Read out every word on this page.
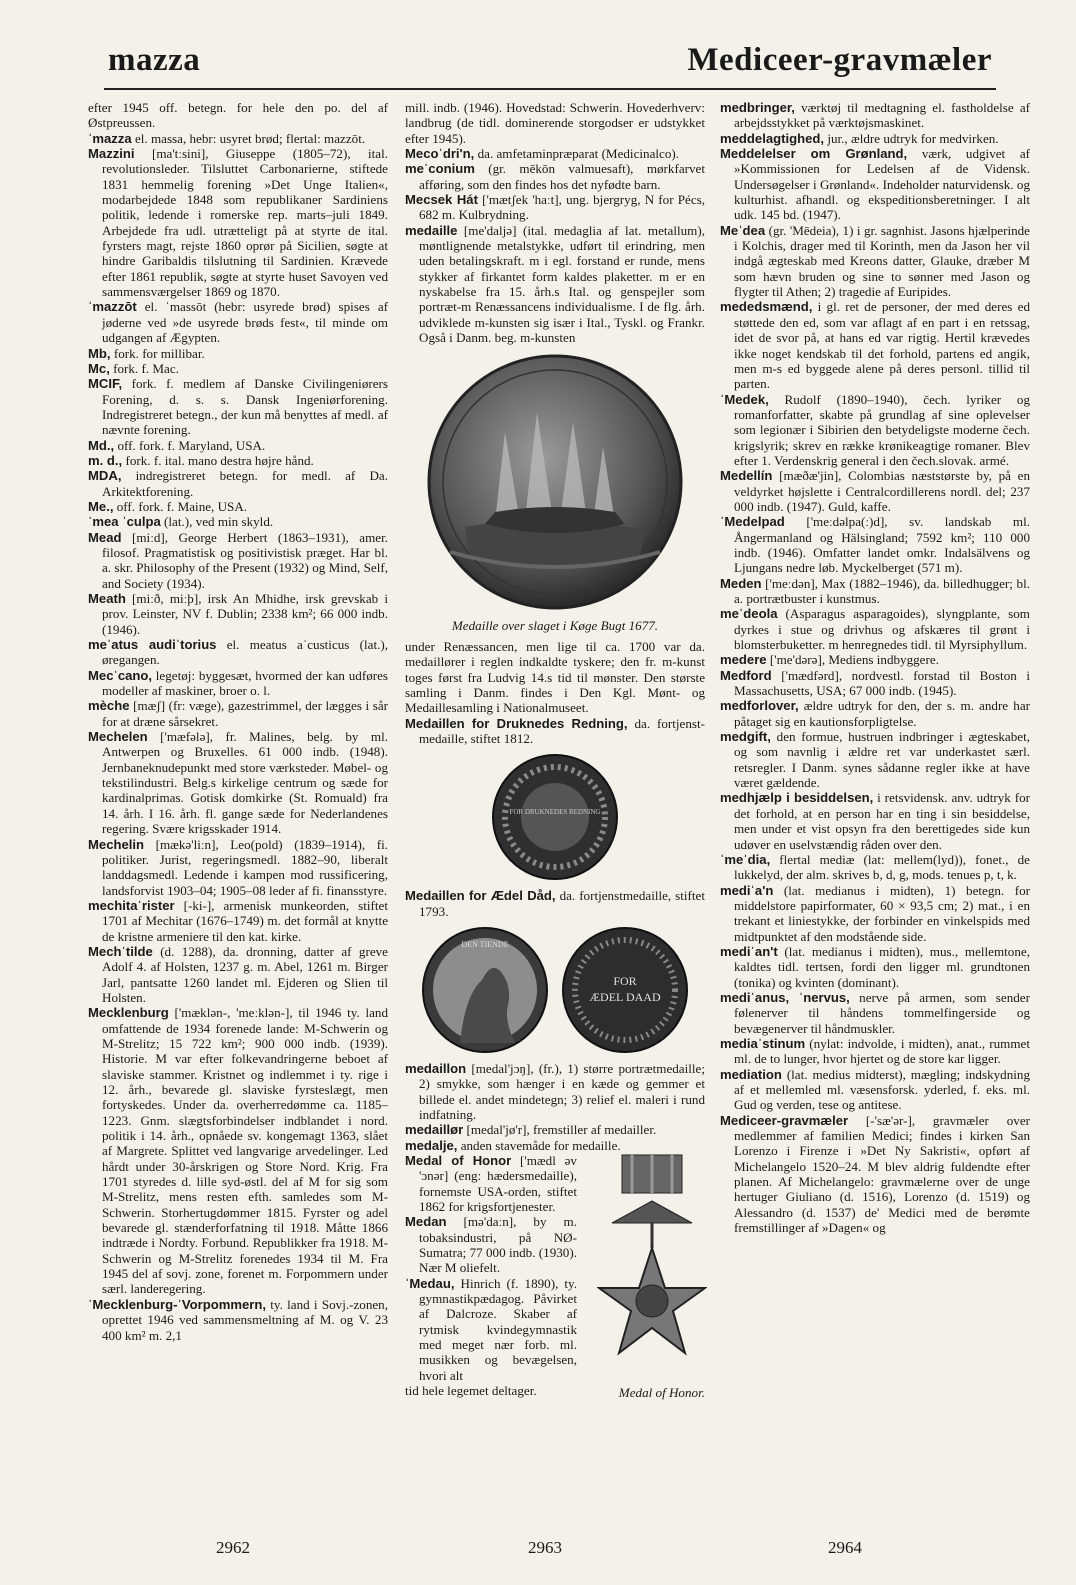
mazza	Mediceer-gravmæler

efter 1945 off. betegn. for hele den po. del af Østpreussen.

ˈmazza el. massa, hebr: usyret brød; flertal: mazzōt.

Mazzini [ma'tːsini], Giuseppe (1805–72), ital. revolutionsleder. Tilsluttet Carbonarierne, stiftede 1831 hemmelig forening »Det Unge Italien«, modarbejdede 1848 som republikaner Sardiniens politik, ledende i romerske rep. marts–juli 1849. Arbejdede fra udl. utrætteligt på at styrte de ital. fyrsters magt, rejste 1860 oprør på Sicilien, søgte at hindre Garibaldis tilslutning til Sardinien. Krævede efter 1861 republik, søgte at styrte huset Savoyen ved sammensværgelser 1869 og 1870.

ˈmazzōt el. ˈmassōt (hebr: usyrede brød) spises af jøderne ved »de usyrede brøds fest«, til minde om udgangen af Ægypten.

Mb, fork. for millibar.

Mc, fork. f. Mac.

MCIF, fork. f. medlem af Danske Civilingeniørers Forening, d. s. s. Dansk Ingeniørforening. Indregistreret betegn., der kun må benyttes af medl. af nævnte forening.

Md., off. fork. f. Maryland, USA.

m. d., fork. f. ital. mano destra højre hånd.

MDA, indregistreret betegn. for medl. af Da. Arkitektforening.

Me., off. fork. f. Maine, USA.

ˈmea ˈculpa (lat.), ved min skyld.

Mead [miːd], George Herbert (1863–1931), amer. filosof. Pragmatistisk og positivistisk præget. Har bl. a. skr. Philosophy of the Present (1932) og Mind, Self, and Society (1934).

Meath [miːð, miːþ], irsk An Mhidhe, irsk grevskab i prov. Leinster, NV f. Dublin; 2338 km²; 66 000 indb. (1946).

meˈatus audiˈtorius el. meatus aˈcusticus (lat.), øregangen.

Mecˈcano, legetøj: byggesæt, hvormed der kan udføres modeller af maskiner, broer o. l.

mèche [mæʃ] (fr: væge), gazestrimmel, der lægges i sår for at dræne sårsekret.

Mechelen ['mæfələ], fr. Malines, belg. by ml. Antwerpen og Bruxelles. 61 000 indb. (1948). Jernbaneknudepunkt med store værksteder. Møbel- og tekstilindustri. Belg.s kirkelige centrum og sæde for kardinalprimas. Gotisk domkirke (St. Romuald) fra 14. årh. I 16. årh. fl. gange sæde for Nederlandenes regering. Svære krigsskader 1914.

Mechelin [mækə'liːn], Leo(pold) (1839–1914), fi. politiker. Jurist, regeringsmedl. 1882–90, liberalt landdagsmedl. Ledende i kampen mod russificering, landsforvist 1903–04; 1905–08 leder af fi. finansstyre.

mechitaˈrister [-ki-], armenisk munkeorden, stiftet 1701 af Mechitar (1676–1749) m. det formål at knytte de kristne armeniere til den kat. kirke.

Mechˈtilde (d. 1288), da. dronning, datter af greve Adolf 4. af Holsten, 1237 g. m. Abel, 1261 m. Birger Jarl, pantsatte 1260 landet ml. Ejderen og Slien til Holsten.

Mecklenburg ['mæklən-, 'meːklən-], til 1946 ty. land omfattende de 1934 forenede lande: M-Schwerin og M-Strelitz; 15 722 km²; 900 000 indb. (1939). Historie. M var efter folkevandringerne beboet af slaviske stammer. Kristnet og indlemmet i ty. rige i 12. årh., bevarede gl. slaviske fyrsteslægt, men fortyskedes. Under da. overherredømme ca. 1185–1223. Gnm. slægtsforbindelser indblandet i nord. politik i 14. årh., opnåede sv. kongemagt 1363, slået af Margrete. Splittet ved langvarige arvedelinger. Led hårdt under 30-årskrigen og Store Nord. Krig. Fra 1701 styredes d. lille syd-østl. del af M for sig som M-Strelitz, mens resten efth. samledes som M-Schwerin. Storhertugdømmer 1815. Fyrster og adel bevarede gl. stænderforfatning til 1918. Måtte 1866 indtræde i Nordty. Forbund. Republikker fra 1918. M-Schwerin og M-Strelitz forenedes 1934 til M. Fra 1945 del af sovj. zone, forenet m. Forpommern under særl. landeregering.

ˈMecklenburg-ˈVorpommern, ty. land i Sovj.-zonen, oprettet 1946 ved sammensmeltning af M. og V. 23 400 km² m. 2,1

mill. indb. (1946). Hovedstad: Schwerin. Hovederhverv: landbrug (de tidl. dominerende storgodser er udstykket efter 1945).

Mecoˈdri'n, da. amfetaminpræparat (Medicinalco).

meˈconium (gr. mēkōn valmuesaft), mørkfarvet afføring, som den findes hos det nyfødte barn.

Mecsek Hát ['mætʃek 'haːt], ung. bjergryg, N for Pécs, 682 m. Kulbrydning.

medaille [me'daljə] (ital. medaglia af lat. metallum), møntlignende metalstykke, udført til erindring, men uden betalingskraft. m i egl. forstand er runde, mens stykker af firkantet form kaldes plaketter. m er en nyskabelse fra 15. årh.s Ital. og genspejler som portræt-m Renæssancens individualisme. I de flg. årh. udviklede m-kunsten sig især i Ital., Tyskl. og Frankr. Også i Danm. beg. m-kunsten

Medaille over slaget i Køge Bugt 1677.

under Renæssancen, men lige til ca. 1700 var da. medaillører i reglen indkaldte tyskere; den fr. m-kunst toges først fra Ludvig 14.s tid til mønster. Den største samling i Danm. findes i Den Kgl. Mønt- og Medaillesamling i Nationalmuseet.

Medaillen for Druknedes Redning, da. fortjenst-medaille, stiftet 1812.

FOR DRUKNEDES REDNING

Medaillen for Ædel Dåd, da. fortjenstmedaille, stiftet 1793.

DEN TIENDE
FOR ÆDEL DAAD

medaillon [medal'jɔŋ], (fr.), 1) større portrætmedaille; 2) smykke, som hænger i en kæde og gemmer et billede el. andet mindetegn; 3) relief el. maleri i rund indfatning.

medaillør [medal'jø'r], fremstiller af medailler.

medalje, anden stavemåde for medaille.

Medal of Honor ['mædl əv 'ɔnər] (eng: hædersmedaille), fornemste USA-orden, stiftet 1862 for krigsfortjenester.

Medan [mə'daːn], by m. tobaksindustri, på NØ-Sumatra; 77 000 indb. (1930). Nær M oliefelt.

ˈMedau, Hinrich (f. 1890), ty. gymnastikpædagog. Påvirket af Dalcroze. Skaber af rytmisk kvindegymnastik med meget nær forb. ml. musikken og bevægelsen, hvori alt

tid hele legemet deltager.	Medal of Honor.

medbringer, værktøj til medtagning el. fastholdelse af arbejdsstykket på værktøjsmaskinet.

meddelagtighed, jur., ældre udtryk for medvirken.

Meddelelser om Grønland, værk, udgivet af »Kommissionen for Ledelsen af de Vidensk. Undersøgelser i Grønland«. Indeholder naturvidensk. og kulturhist. afhandl. og ekspeditionsberetninger. I alt udk. 145 bd. (1947).

Meˈdea (gr. 'Mēdeia), 1) i gr. sagnhist. Jasons hjælperinde i Kolchis, drager med til Korinth, men da Jason her vil indgå ægteskab med Kreons datter, Glauke, dræber M som hævn bruden og sine to sønner med Jason og flygter til Athen; 2) tragedie af Euripides.

mededsmænd, i gl. ret de personer, der med deres ed støttede den ed, som var aflagt af en part i en retssag, idet de svor på, at hans ed var rigtig. Hertil krævedes ikke noget kendskab til det forhold, partens ed angik, men m-s ed byggede alene på deres personl. tillid til parten.

ˈMedek, Rudolf (1890–1940), čech. lyriker og romanforfatter, skabte på grundlag af sine oplevelser som legionær i Sibirien den betydeligste moderne čech. krigslyrik; skrev en række krønikeagtige romaner. Blev efter 1. Verdenskrig general i den čech.slovak. armé.

Medellín [mæðæ'jin], Colombias næststørste by, på en veldyrket højslette i Centralcordillerens nordl. del; 237 000 indb. (1947). Guld, kaffe.

ˈMedelpad ['meːdəlpa(ː)d], sv. landskab ml. Ångermanland og Hälsingland; 7592 km²; 110 000 indb. (1946). Omfatter landet omkr. Indalsälvens og Ljungans nedre løb. Myckelberget (571 m).

Meden ['meːdən], Max (1882–1946), da. billedhugger; bl. a. portrætbuster i kunstmus.

meˈdeola (Asparagus asparagoides), slyngplante, som dyrkes i stue og drivhus og afskæres til grønt i blomsterbuketter. m henregnedes tidl. til Myrsiphyllum.

medere ['me'dərə], Mediens indbyggere.

Medford ['mædfərd], nordvestl. forstad til Boston i Massachusetts, USA; 67 000 indb. (1945).

medforlover, ældre udtryk for den, der s. m. andre har påtaget sig en kautionsforpligtelse.

medgift, den formue, hustruen indbringer i ægteskabet, og som navnlig i ældre ret var underkastet særl. retsregler. I Danm. synes sådanne regler ikke at have været gældende.

medhjælp i besiddelsen, i retsvidensk. anv. udtryk for det forhold, at en person har en ting i sin besiddelse, men under et vist opsyn fra den berettigedes side kun udøver en uselvstændig råden over den.

ˈmeˈdia, flertal mediæ (lat: mellem(lyd)), fonet., de lukkelyd, der alm. skrives b, d, g, mods. tenues p, t, k.

mediˈa'n (lat. medianus i midten), 1) betegn. for middelstore papirformater, 60 × 93,5 cm; 2) mat., i en trekant et liniestykke, der forbinder en vinkelspids med midtpunktet af den modstående side.

mediˈan't (lat. medianus i midten), mus., mellemtone, kaldtes tidl. tertsen, fordi den ligger ml. grundtonen (tonika) og kvinten (dominant).

mediˈanus, ˈnervus, nerve på armen, som sender følenerver til håndens tommelfingerside og bevægenerver til håndmuskler.

mediaˈstinum (nylat: indvolde, i midten), anat., rummet ml. de to lunger, hvor hjertet og de store kar ligger.

mediation (lat. medius midterst), mægling; indskydning af et mellemled ml. væsensforsk. yderled, f. eks. ml. Gud og verden, tese og antitese.

Mediceer-gravmæler [-'sæ'ər-], gravmæler over medlemmer af familien Medici; findes i kirken San Lorenzo i Firenze i »Det Ny Sakristi«, opført af Michelangelo 1520–24. M blev aldrig fuldendte efter planen. Af Michelangelo: gravmælerne over de unge hertuger Giuliano (d. 1516), Lorenzo (d. 1519) og Alessandro (d. 1537) de' Medici med de berømte fremstillinger af »Dagen« og

2962	2963	2964
